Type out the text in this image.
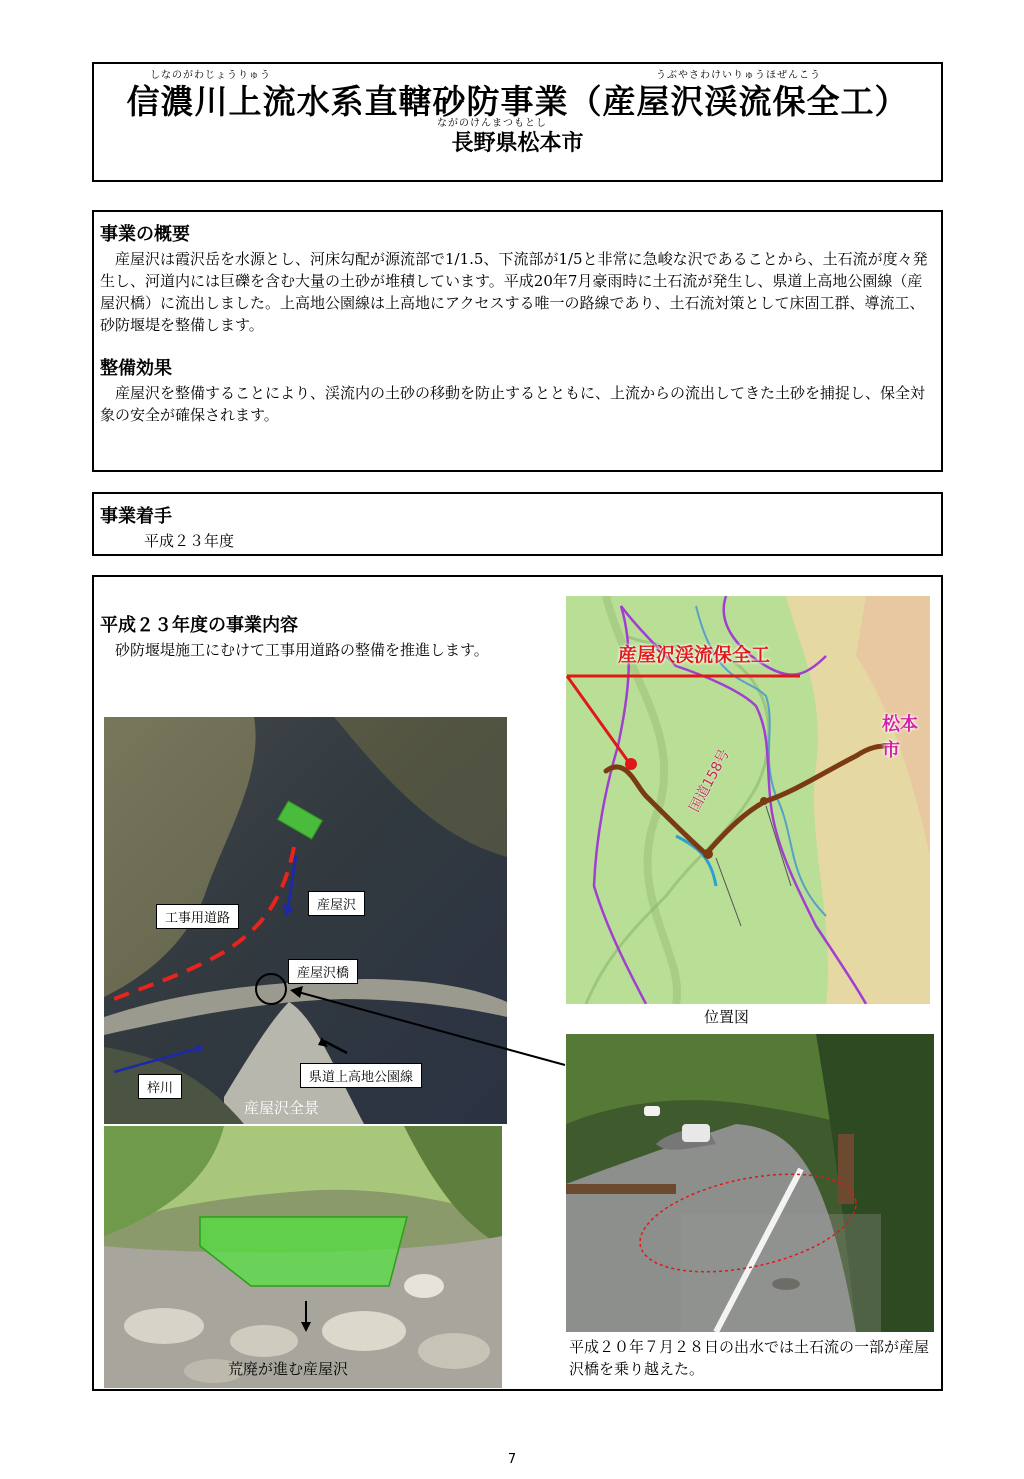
しなのがわじょうりゅう	うぶやさわけいりゅうほぜんこう
信濃川上流水系直轄砂防事業（産屋沢渓流保全工）
ながのけんまつもとし
長野県松本市

事業の概要

産屋沢は霞沢岳を水源とし、河床勾配が源流部で1/1.5、下流部が1/5と非常に急峻な沢であることから、土石流が度々発生し、河道内には巨礫を含む大量の土砂が堆積しています。平成20年7月豪雨時に土石流が発生し、県道上高地公園線（産屋沢橋）に流出しました。上高地公園線は上高地にアクセスする唯一の路線であり、土石流対策として床固工群、導流工、砂防堰堤を整備します。

整備効果

産屋沢を整備することにより、渓流内の土砂の移動を防止するとともに、上流からの流出してきた土砂を捕捉し、保全対象の安全が確保されます。

事業着手

平成２３年度

平成２３年度の事業内容

砂防堰堤施工にむけて工事用道路の整備を推進します。

工事用道路
産屋沢
産屋沢橋
梓川
県道上高地公園線
産屋沢全景
産屋沢渓流保全工
松本市
国道158号
位置図
荒廃が進む産屋沢
平成２０年７月２８日の出水では土石流の一部が産屋沢橋を乗り越えた。
7
